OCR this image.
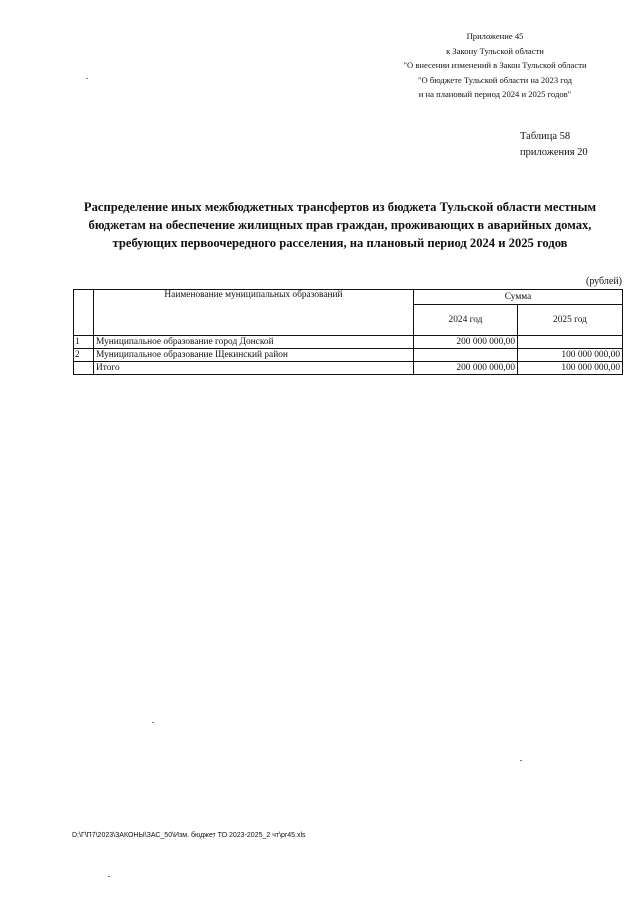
Приложение 45
к Закону Тульской области
"О внесении изменений в Закон Тульской области
"О бюджете Тульской области на 2023 год
и на плановый период 2024 и 2025 годов"
Таблица 58
приложения 20
Распределение иных межбюджетных трансфертов из бюджета Тульской области местным бюджетам на обеспечение жилищных прав граждан, проживающих в аварийных домах, требующих первоочередного расселения, на плановый период 2024 и 2025 годов
(рублей)
	Наименование муниципальных образований	Сумма	
		2024 год	2025 год
1	Муниципальное образование город Донской	200 000 000,00	
2	Муниципальное образование Щекинский район		100 000 000,00
	Итого	200 000 000,00	100 000 000,00
D:\Г\П7\2023\ЗАКОНЫ\ЗАС_50\Изм. бюджет ТО 2023-2025_2 чт\pr45.xls
